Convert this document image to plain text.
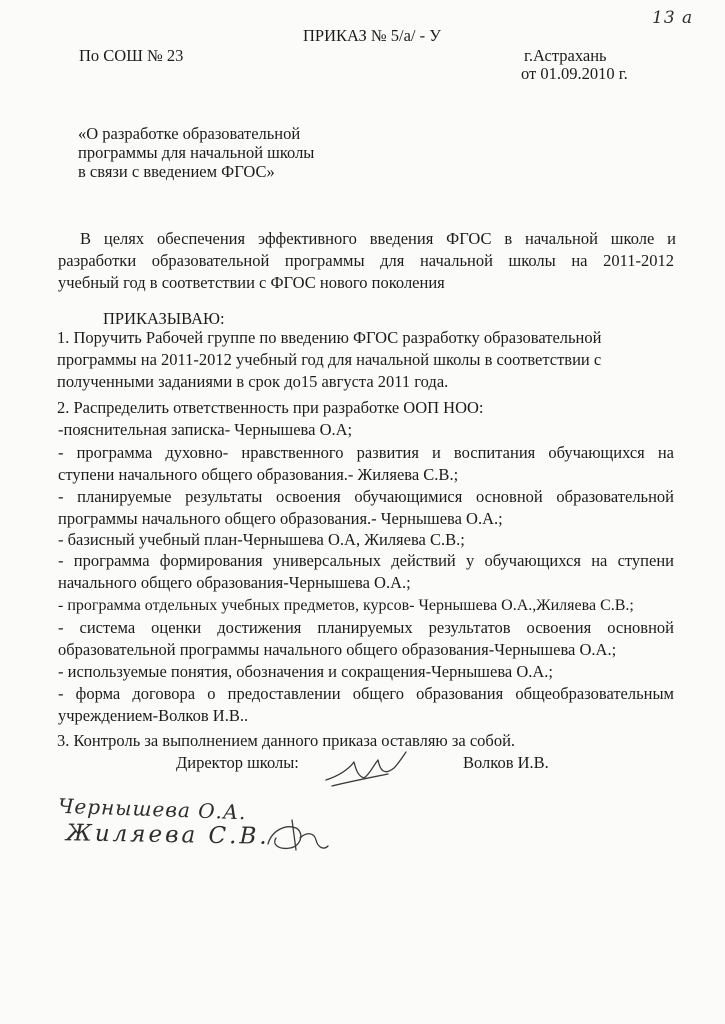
13 а
ПРИКАЗ № 5/а/ - У
По СОШ № 23	г.Астрахань
от 01.09.2010 г.
«О разработке образовательной
программы для начальной школы
в связи с введением ФГОС»
В целях обеспечения эффективного введения ФГОС в начальной школе и
разработки образовательной программы для начальной школы на 2011-2012
учебный год в соответствии с ФГОС нового поколения
ПРИКАЗЫВАЮ:
1. Поручить Рабочей группе по введению ФГОС разработку образовательной
программы на 2011-2012 учебный год для начальной школы в соответствии с
полученными заданиями в срок до15 августа 2011 года.
2. Распределить ответственность при разработке ООП НОО:
-пояснительная записка- Чернышева О.А;
- программа духовно- нравственного развития и воспитания обучающихся на
ступени начального общего образования.- Жиляева С.В.;
- планируемые результаты освоения обучающимися основной образовательной
программы начального общего образования.- Чернышева О.А.;
- базисный учебный план-Чернышева О.А, Жиляева С.В.;
- программа формирования универсальных действий у обучающихся на ступени
начального общего образования-Чернышева О.А.;
- программа отдельных учебных предметов, курсов- Чернышева О.А.,Жиляева С.В.;
- система оценки достижения планируемых результатов освоения основной
образовательной программы начального общего образования-Чернышева О.А.;
- используемые понятия, обозначения и сокращения-Чернышева О.А.;
- форма договора о предоставлении общего образования общеобразовательным
учреждением-Волков И.В..
3. Контроль за выполнением данного приказа оставляю за собой.
Директор школы:	Волков И.В.
Чернышева О.А.
Жиляева С.В.
